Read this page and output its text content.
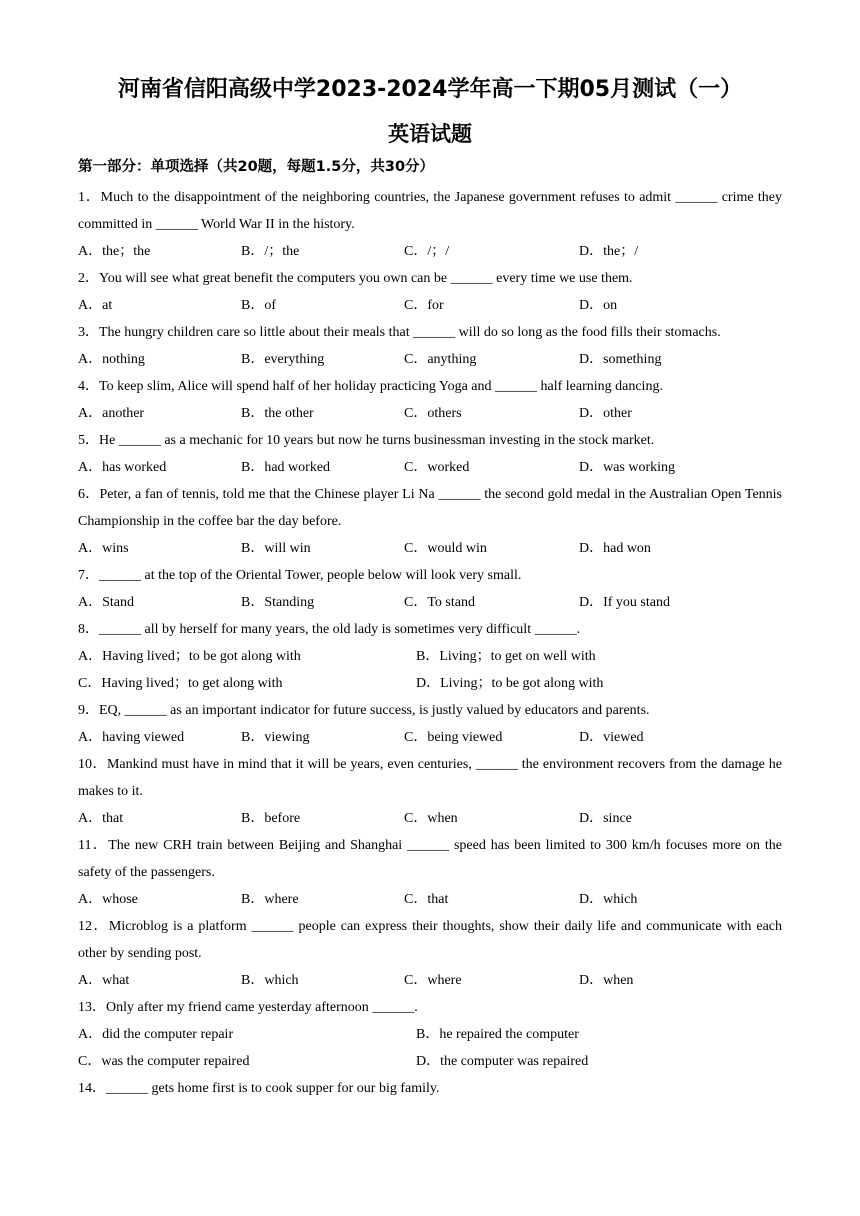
河南省信阳高级中学2023-2024学年高一下期05月测试（一）
英语试题
第一部分：单项选择（共20题，每题1.5分，共30分）
1．Much to the disappointment of the neighboring countries, the Japanese government refuses to admit ______ crime they committed in ______ World War II in the history.
A．the；the	B．/；the	C．/；/	D．the；/
2．You will see what great benefit the computers you own can be ______ every time we use them.
A．at	B．of	C．for	D．on
3．The hungry children care so little about their meals that ______ will do so long as the food fills their stomachs.
A．nothing	B．everything	C．anything	D．something
4．To keep slim, Alice will spend half of her holiday practicing Yoga and ______ half learning dancing.
A．another	B．the other	C．others	D．other
5．He ______ as a mechanic for 10 years but now he turns businessman investing in the stock market.
A．has worked	B．had worked	C．worked	D．was working
6．Peter, a fan of tennis, told me that the Chinese player Li Na ______ the second gold medal in the Australian Open Tennis Championship in the coffee bar the day before.
A．wins	B．will win	C．would win	D．had won
7．______ at the top of the Oriental Tower, people below will look very small.
A．Stand	B．Standing	C．To stand	D．If you stand
8．______ all by herself for many years, the old lady is sometimes very difficult ______.
A．Having lived；to be got along with	B．Living；to get on well with
C．Having lived；to get along with	D．Living；to be got along with
9．EQ, ______ as an important indicator for future success, is justly valued by educators and parents.
A．having viewed	B．viewing	C．being viewed	D．viewed
10．Mankind must have in mind that it will be years, even centuries, ______ the environment recovers from the damage he makes to it.
A．that	B．before	C．when	D．since
11．The new CRH train between Beijing and Shanghai ______ speed has been limited to 300 km/h focuses more on the safety of the passengers.
A．whose	B．where	C．that	D．which
12．Microblog is a platform ______ people can express their thoughts, show their daily life and communicate with each other by sending post.
A．what	B．which	C．where	D．when
13．Only after my friend came yesterday afternoon ______.
A．did the computer repair	B．he repaired the computer
C．was the computer repaired	D．the computer was repaired
14．______ gets home first is to cook supper for our big family.
